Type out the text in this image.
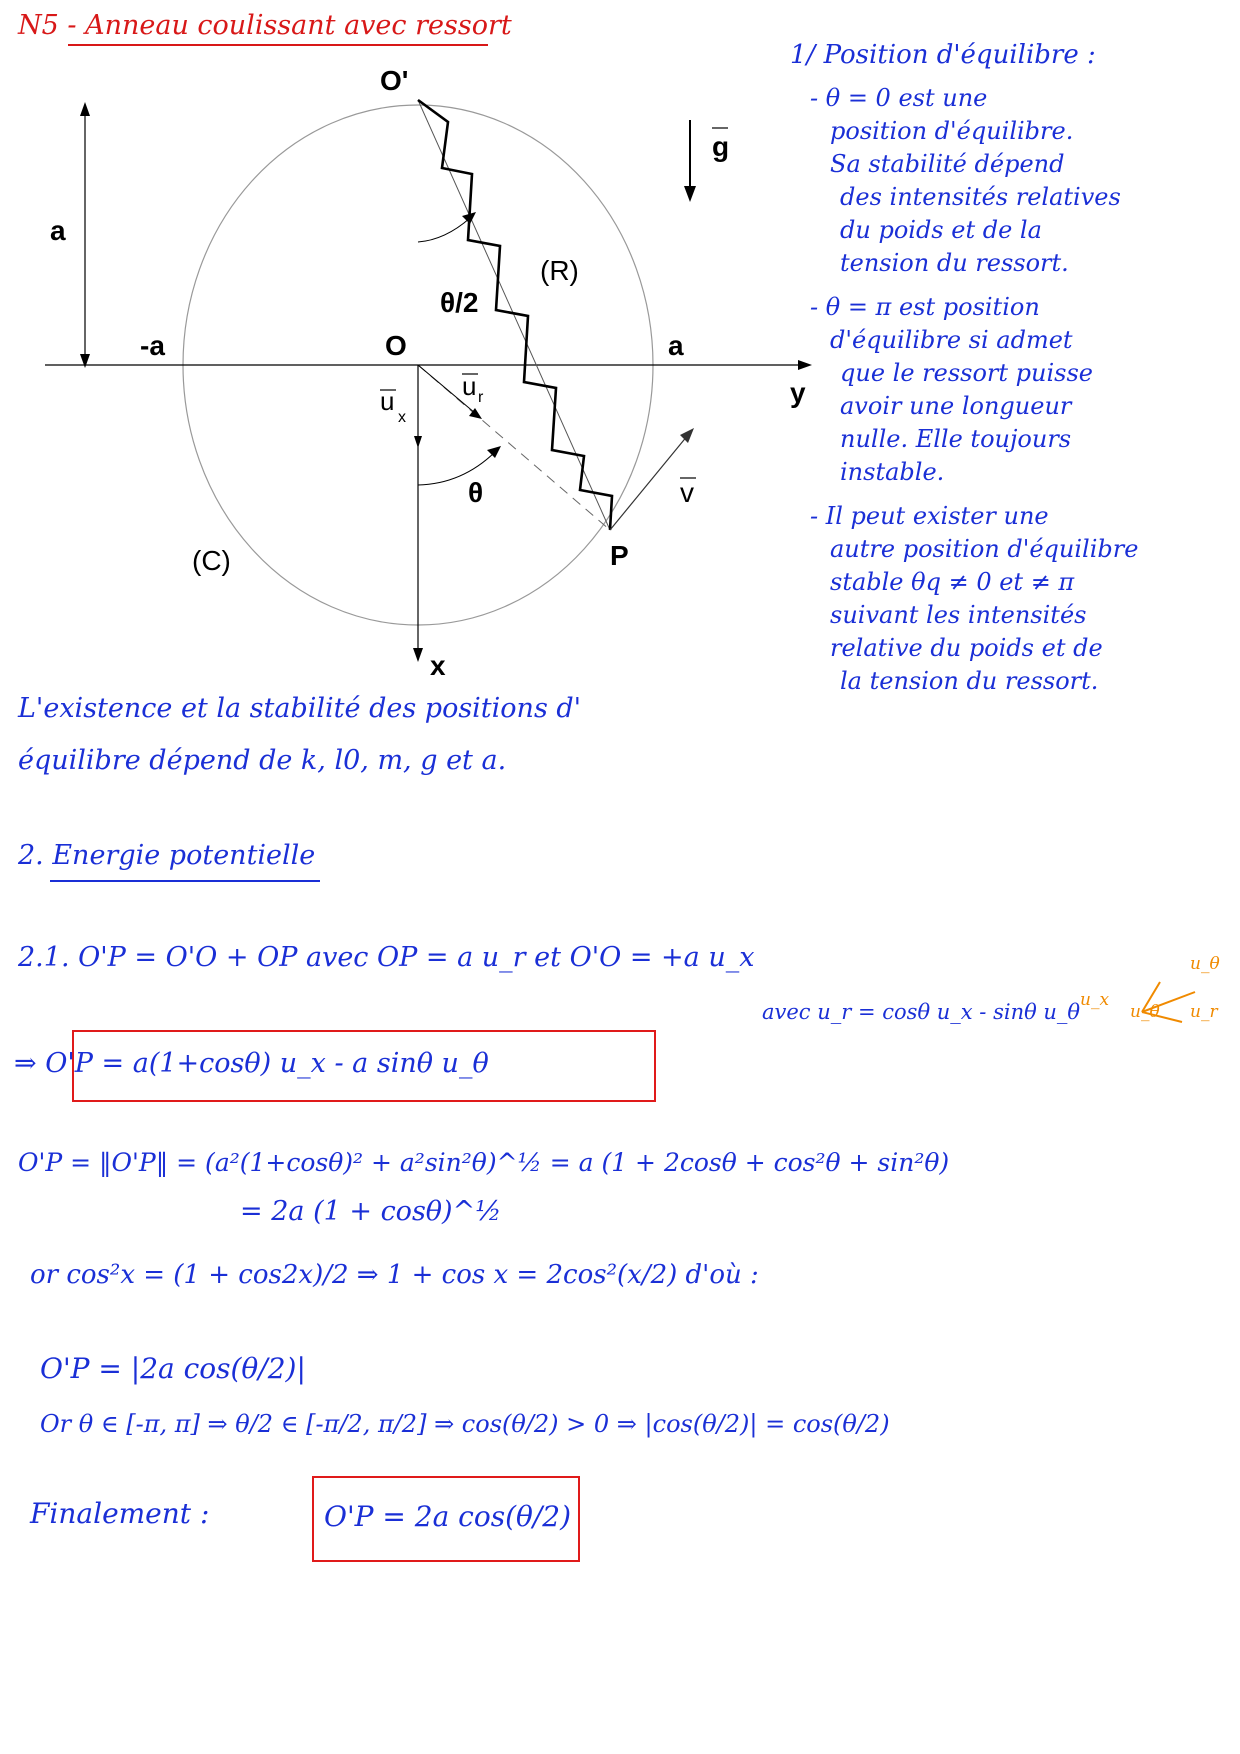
N5 - Anneau coulissant avec ressort
O'
O
a
-a	a
y
x
(R)
(C)	P
θ/2
θ
g
u r
u
x
v
1/ Position d'équilibre :
- θ = 0 est une
position d'équilibre.
Sa stabilité dépend
des intensités relatives
du poids et de la
tension du ressort.
- θ = π est position
d'équilibre si admet
que le ressort puisse
avoir une longueur
nulle. Elle toujours
instable.
- Il peut exister une
autre position d'équilibre
stable θq ≠ 0 et ≠ π
suivant les intensités
relative du poids et de
la tension du ressort.
L'existence et la stabilité des positions d'
équilibre dépend de k, l0, m, g et a.
2. Energie potentielle
2.1. O'P = O'O + OP avec OP = a u_r et O'O = +a u_x
avec u_r = cosθ u_x - sinθ u_θ
u_θ
u_x
u_r
u_θ
⇒ O'P = a(1+cosθ) u_x - a sinθ u_θ
O'P = ‖O'P‖ = (a²(1+cosθ)² + a²sin²θ)^½ = a (1 + 2cosθ + cos²θ + sin²θ)
= 2a (1 + cosθ)^½
or cos²x = (1 + cos2x)/2 ⇒ 1 + cos x = 2cos²(x/2) d'où :
O'P = |2a cos(θ/2)|
Or θ ∈ [-π, π] ⇒ θ/2 ∈ [-π/2, π/2] ⇒ cos(θ/2) > 0 ⇒ |cos(θ/2)| = cos(θ/2)
Finalement :	O'P = 2a cos(θ/2)
